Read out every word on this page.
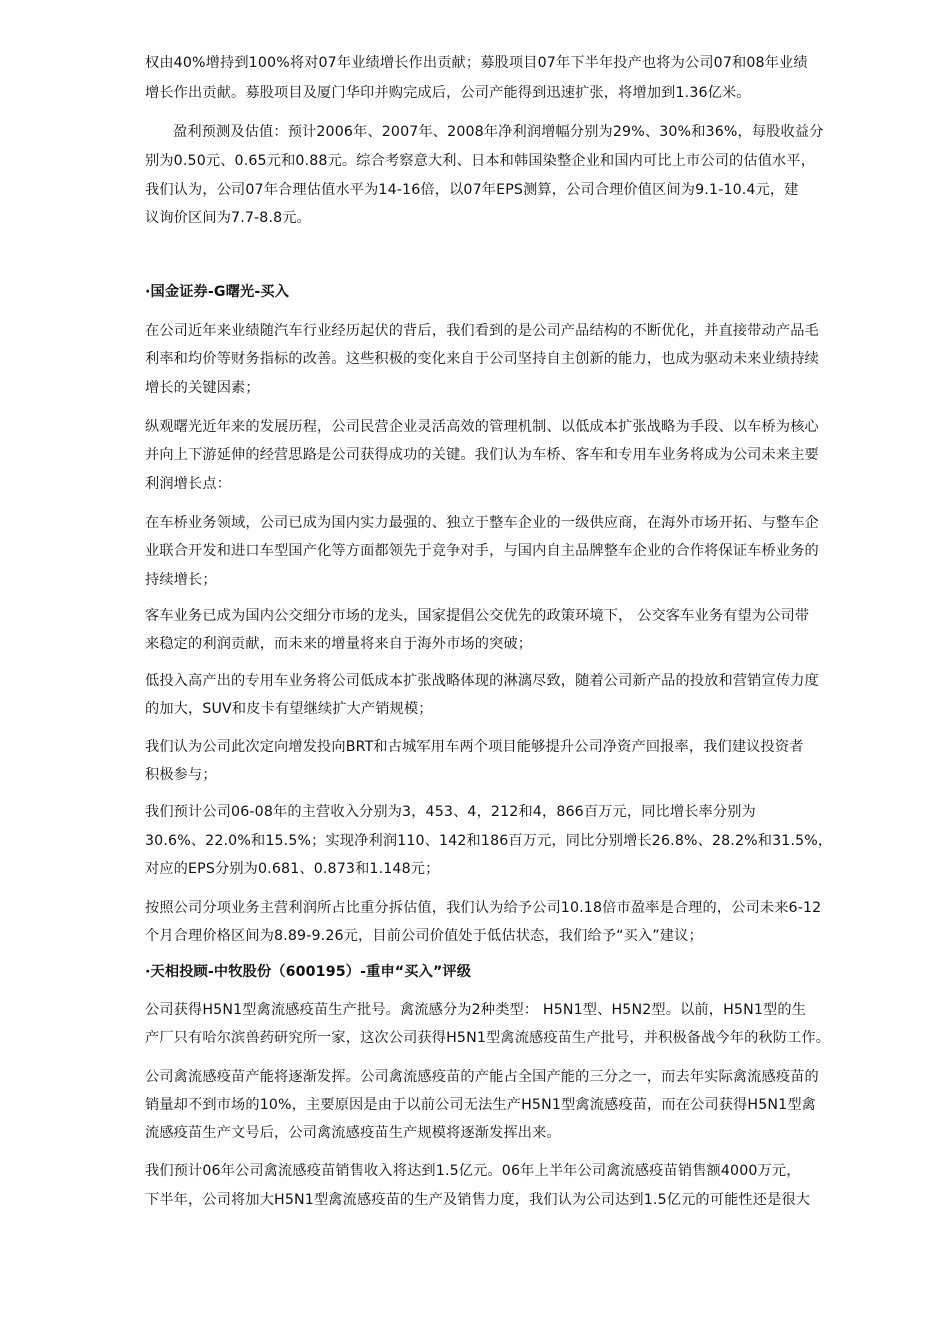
权由40%增持到100%将对07年业绩增长作出贡献；募股项目07年下半年投产也将为公司07和08年业绩
增长作出贡献。募股项目及厦门华印并购完成后，公司产能得到迅速扩张，将增加到1.36亿米。
盈利预测及估值：预计2006年、2007年、2008年净利润增幅分别为29%、30%和36%，每股收益分
别为0.50元、0.65元和0.88元。综合考察意大利、日本和韩国染整企业和国内可比上市公司的估值水平，
我们认为，公司07年合理估值水平为14-16倍，以07年EPS测算，公司合理价值区间为9.1-10.4元，建
议询价区间为7.7-8.8元。
·国金证券-G曙光-买入
在公司近年来业绩随汽车行业经历起伏的背后，我们看到的是公司产品结构的不断优化，并直接带动产品毛
利率和均价等财务指标的改善。这些积极的变化来自于公司坚持自主创新的能力，也成为驱动未来业绩持续
增长的关键因素；
纵观曙光近年来的发展历程，公司民营企业灵活高效的管理机制、以低成本扩张战略为手段、以车桥为核心
并向上下游延伸的经营思路是公司获得成功的关键。我们认为车桥、客车和专用车业务将成为公司未来主要
利润增长点：
在车桥业务领域，公司已成为国内实力最强的、独立于整车企业的一级供应商，在海外市场开拓、与整车企
业联合开发和进口车型国产化等方面都领先于竞争对手，与国内自主品牌整车企业的合作将保证车桥业务的
持续增长；
客车业务已成为国内公交细分市场的龙头，国家提倡公交优先的政策环境下， 公交客车业务有望为公司带
来稳定的利润贡献，而未来的增量将来自于海外市场的突破；
低投入高产出的专用车业务将公司低成本扩张战略体现的淋漓尽致，随着公司新产品的投放和营销宣传力度
的加大，SUV和皮卡有望继续扩大产销规模；
我们认为公司此次定向增发投向BRT和古城军用车两个项目能够提升公司净资产回报率，我们建议投资者
积极参与；
我们预计公司06-08年的主营收入分别为3，453、4，212和4，866百万元，同比增长率分别为
30.6%、22.0%和15.5%；实现净利润110、142和186百万元，同比分别增长26.8%、28.2%和31.5%，
对应的EPS分别为0.681、0.873和1.148元；
按照公司分项业务主营利润所占比重分拆估值，我们认为给予公司10.18倍市盈率是合理的，公司未来6-12
个月合理价格区间为8.89-9.26元，目前公司价值处于低估状态，我们给予“买入”建议；
·天相投顾-中牧股份（600195）-重申“买入”评级
公司获得H5N1型禽流感疫苗生产批号。禽流感分为2种类型： H5N1型、H5N2型。以前，H5N1型的生
产厂只有哈尔滨兽药研究所一家，这次公司获得H5N1型禽流感疫苗生产批号，并积极备战今年的秋防工作。
公司禽流感疫苗产能将逐渐发挥。公司禽流感疫苗的产能占全国产能的三分之一，而去年实际禽流感疫苗的
销量却不到市场的10%，主要原因是由于以前公司无法生产H5N1型禽流感疫苗，而在公司获得H5N1型禽
流感疫苗生产文号后，公司禽流感疫苗生产规模将逐渐发挥出来。
我们预计06年公司禽流感疫苗销售收入将达到1.5亿元。06年上半年公司禽流感疫苗销售额4000万元，
下半年，公司将加大H5N1型禽流感疫苗的生产及销售力度，我们认为公司达到1.5亿元的可能性还是很大
